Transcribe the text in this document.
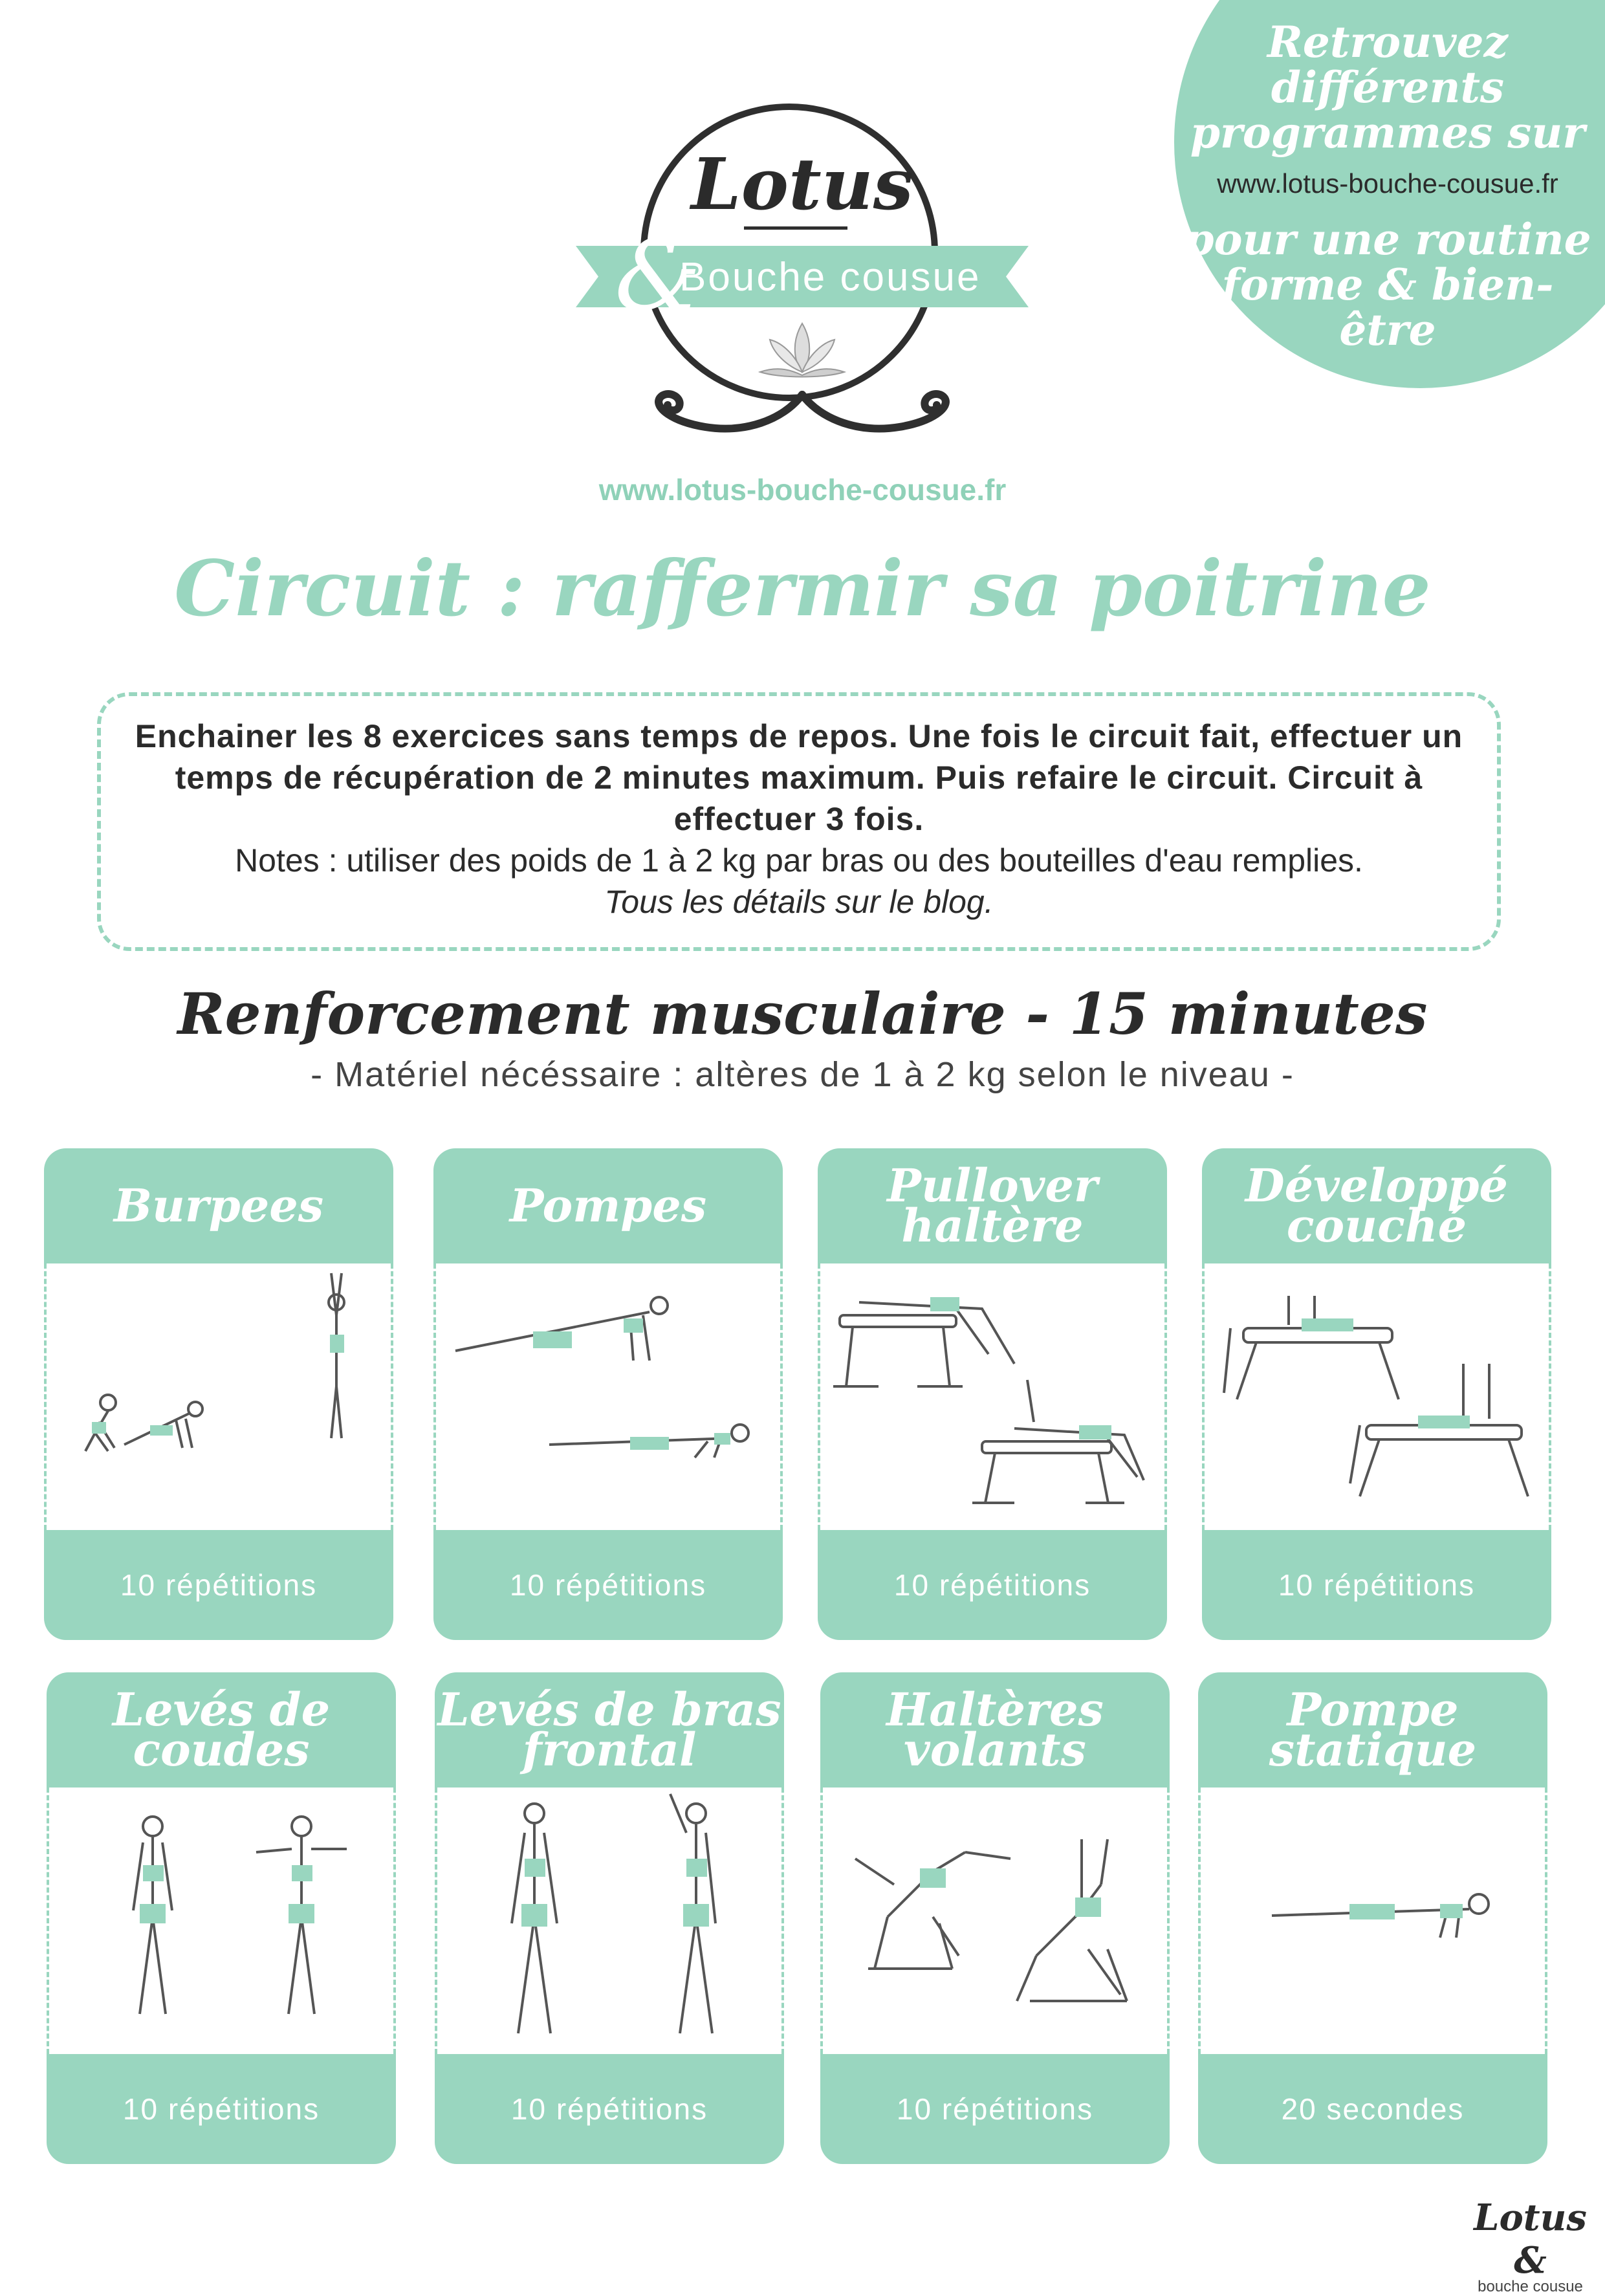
Retrouvez différents programmes sur
www.lotus-bouche-cousue.fr
pour une routine forme & bien-être
Lotus
&
Bouche cousue
www.lotus-bouche-cousue.fr
Circuit : raffermir sa poitrine

Enchainer les 8 exercices sans temps de repos. Une fois le circuit fait, effectuer un temps de récupération de 2 minutes maximum. Puis refaire le circuit. Circuit à effectuer 3 fois.

Notes : utiliser des poids de 1 à 2 kg par bras ou des bouteilles d'eau remplies.

Tous les détails sur le blog.

Renforcement musculaire - 15 minutes
- Matériel nécéssaire : altères de 1 à 2 kg selon le niveau -
Burpees
10 répétitions
Pompes
10 répétitions
Pullover
haltère
10 répétitions
Développé
couché
10 répétitions
Levés de
coudes
10 répétitions
Levés de bras
frontal
10 répétitions
Haltères
volants
10 répétitions
Pompe
statique
20 secondes
Lotus &
bouche cousue
